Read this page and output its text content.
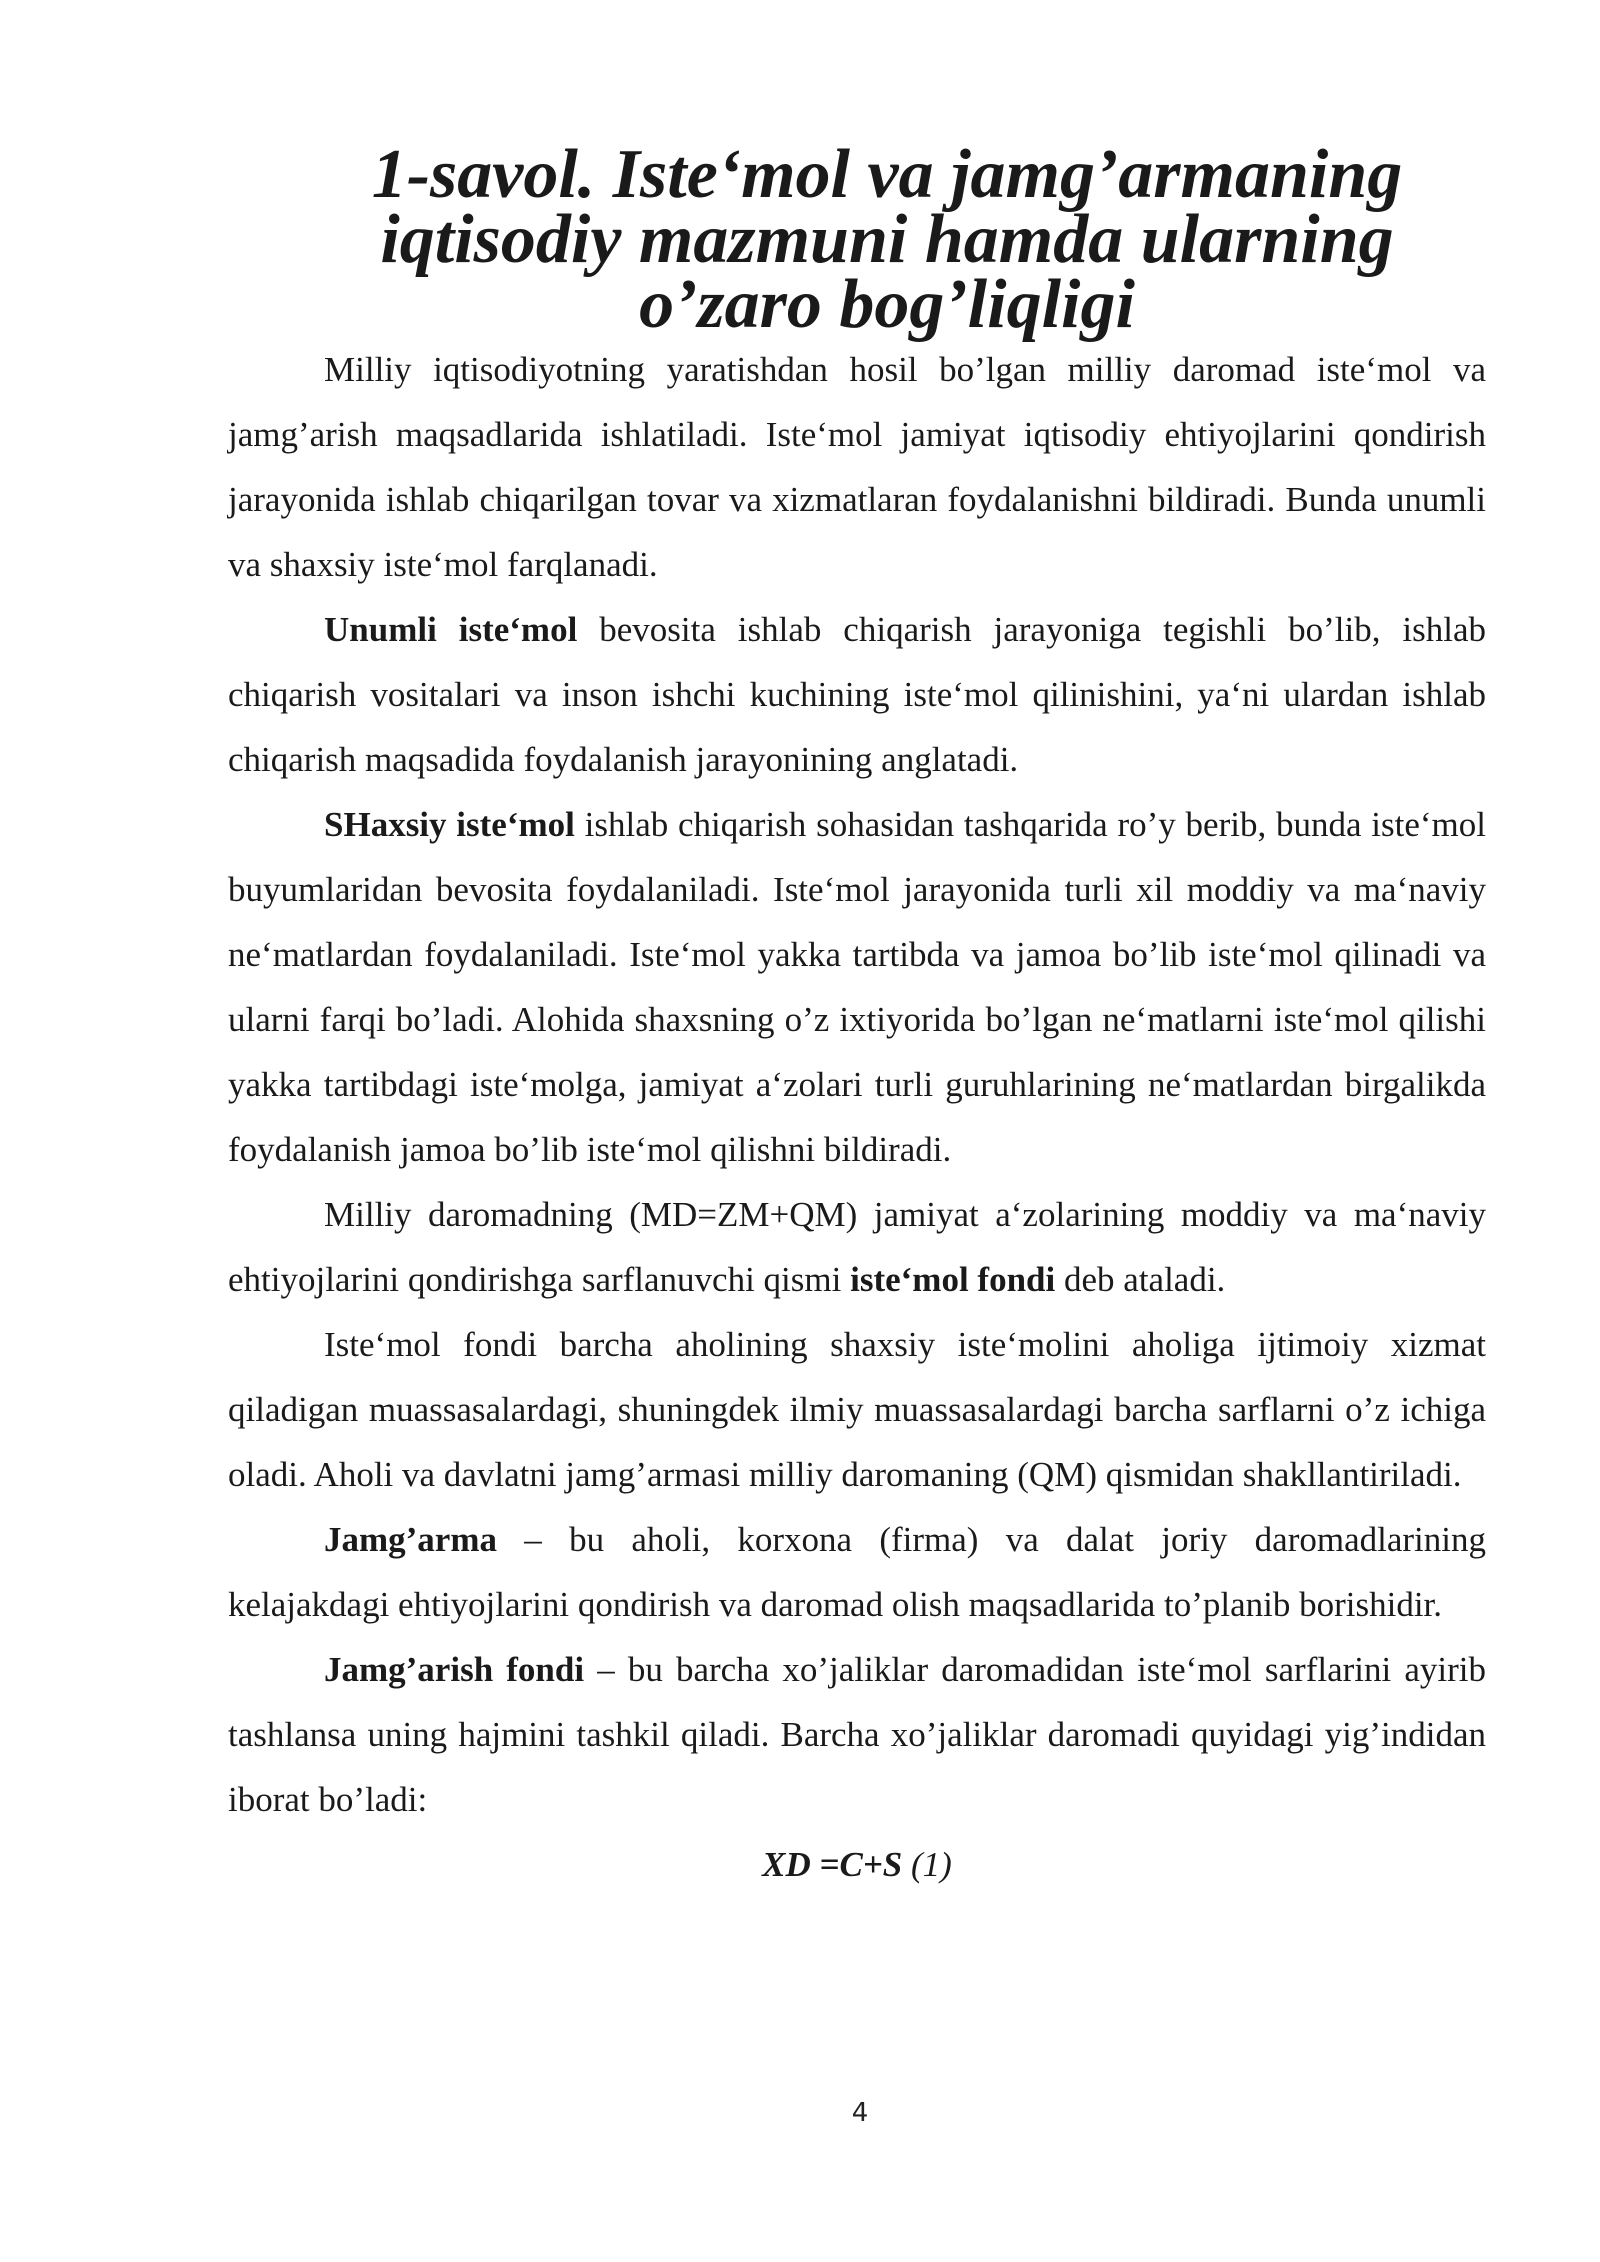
1-savol. Iste‘mol va jamg’armaning iqtisodiy mazmuni hamda ularning
o’zaro bog’liqligi

Milliy iqtisodiyotning yaratishdan hosil bo’lgan milliy daromad iste‘mol va jamg’arish maqsadlarida ishlatiladi. Iste‘mol jamiyat iqtisodiy ehtiyojlarini qondirish jarayonida ishlab chiqarilgan tovar va xizmatlaran foydalanishni bildiradi. Bunda unumli va shaxsiy iste‘mol farqlanadi.

Unumli iste‘mol bevosita ishlab chiqarish jarayoniga tegishli bo’lib, ishlab chiqarish vositalari va inson ishchi kuchining iste‘mol qilinishini, ya‘ni ulardan ishlab chiqarish maqsadida foydalanish jarayonining anglatadi.

SHaxsiy iste‘mol ishlab chiqarish sohasidan tashqarida ro’y berib, bunda iste‘mol buyumlaridan bevosita foydalaniladi. Iste‘mol jarayonida turli xil moddiy va ma‘naviy ne‘matlardan foydalaniladi. Iste‘mol yakka tartibda va jamoa bo’lib iste‘mol qilinadi va ularni farqi bo’ladi. Alohida shaxsning o’z ixtiyorida bo’lgan ne‘matlarni iste‘mol qilishi yakka tartibdagi iste‘molga, jamiyat a‘zolari turli guruhlarining ne‘matlardan birgalikda foydalanish jamoa bo’lib iste‘mol qilishni bildiradi.

Milliy daromadning (MD=ZM+QM) jamiyat a‘zolarining moddiy va ma‘naviy ehtiyojlarini qondirishga sarflanuvchi qismi iste‘mol fondi deb ataladi.

Iste‘mol fondi barcha aholining shaxsiy iste‘molini aholiga ijtimoiy xizmat qiladigan muassasalardagi, shuningdek ilmiy muassasalardagi barcha sarflarni o’z ichiga oladi. Aholi va davlatni jamg’armasi milliy daromaning (QM) qismidan shakllantiriladi.

Jamg’arma – bu aholi, korxona (firma) va dalat joriy daromadlarining kelajakdagi ehtiyojlarini qondirish va daromad olish maqsadlarida to’planib borishidir.

Jamg’arish fondi – bu barcha xo’jaliklar daromadidan iste‘mol sarflarini ayirib tashlansa uning hajmini tashkil qiladi. Barcha xo’jaliklar daromadi quyidagi yig’indidan iborat bo’ladi:

XD =C+S (1)

4
